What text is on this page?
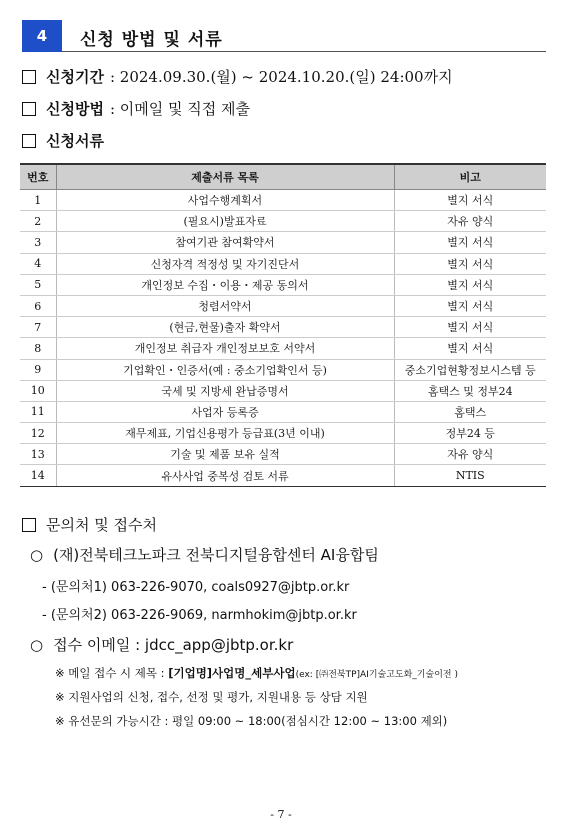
4	신청 방법 및 서류
신청기간 : 2024.09.30.(월) ~ 2024.10.20.(일) 24:00까지
신청방법 : 이메일 및 직접 제출
신청서류
번호	제출서류 목록	비고
1	사업수행계획서	별지 서식
2	(필요시)발표자료	자유 양식
3	참여기관 참여확약서	별지 서식
4	신청자격 적정성 및 자기진단서	별지 서식
5	개인정보 수집・이용・제공 동의서	별지 서식
6	청렴서약서	별지 서식
7	(현금,현물)출자 확약서	별지 서식
8	개인정보 취급자 개인정보보호 서약서	별지 서식
9	기업확인・인증서(예 : 중소기업확인서 등)	중소기업현황정보시스템 등
10	국세 및 지방세 완납증명서	홈택스 및 정부24
11	사업자 등록증	홈택스
12	재무제표, 기업신용평가 등급표(3년 이내)	정부24 등
13	기술 및 제품 보유 실적	자유 양식
14	유사사업 중복성 검토 서류	NTIS
문의처 및 접수처
○ (재)전북테크노파크 전북디지털융합센터 AI융합팀
- (문의처1) 063-226-9070, coals0927@jbtp.or.kr
- (문의처2) 063-226-9069, narmhokim@jbtp.or.kr
○ 접수 이메일 : jdcc_app@jbtp.or.kr
※ 메일 접수 시 제목 : [기업명]사업명_세부사업(ex: [㈜전북TP]AI기술고도화_기술이전 )
※ 지원사업의 신청, 접수, 선정 및 평가, 지원내용 등 상담 지원
※ 유선문의 가능시간 : 평일 09:00 ~ 18:00(점심시간 12:00 ~ 13:00 제외)
- 7 -
